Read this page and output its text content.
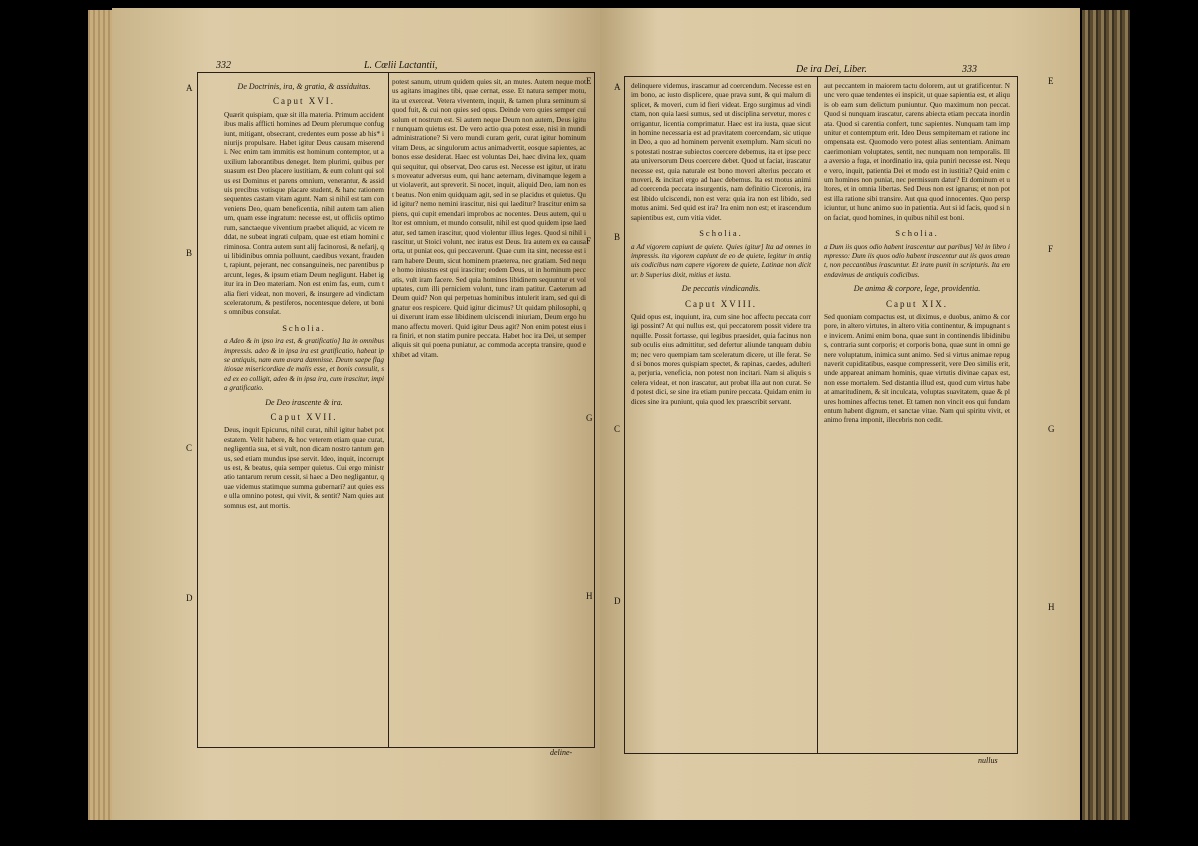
332	L. Cœlii Lactantii,
De Doctrinis, ira, & gratia, & assiduitas.
Caput XVI.
Quærit quispiam, quæ sit illa materia. Primum accidentibus malis afflicti homines ad Deum plerumque confugiunt, mitigant, obsecrant, credentes eum posse ab his* iniurijs propulsare. Habet igitur Deus causam miserendi. Nec enim tam immitis est hominum contemptor, ut auxilium laborantibus deneget. Item plurimi, quibus persuasum est Deo placere iustitiam, & eum colunt qui solus est Dominus et parens omnium, venerantur, & assiduis precibus votisque placare student, & hanc rationem sequentes castam vitam agunt. Nam si nihil est tam conveniens Deo, quam beneficentia, nihil autem tam alienum, quam esse ingratum: necesse est, ut officiis optimorum, sanctaeque viventium praebet aliquid, ac vicem reddat, ne subeat ingrati culpam, quae est etiam homini criminosa. Contra autem sunt alij facinorosi, & nefarij, qui libidinibus omnia polluunt, caedibus vexant, fraudent, rapiunt, pejerant, nec consanguineis, nec parentibus parcunt, leges, & ipsum etiam Deum negligunt. Habet igitur ira in Deo materiam. Non est enim fas, eum, cum talia fieri videat, non moveri, & insurgere ad vindictam sceleratorum, & pestiferos, nocentesque delere, ut bonis omnibus consulat.
Scholia.
a Adeo & in ipso ira est, & gratificatio] Ita in omnibus impressis. adeo & in ipsa ira est gratificatio, habeat ipse antiquis, nam eum avara damnisse. Deum saepe flagitiosae misericordiae de malis esse, et bonis consulit, sed ex eo colligit, adeo & in ipsa ira, cum irascitur, impia gratificatio.
De Deo irascente & ira.
Caput XVII.
Deus, inquit Epicurus, nihil curat, nihil igitur habet potestatem. Velit habere, & hoc veterem etiam quae curat, negligentia sua, et si vult, non dicam nostro tantum genus, sed etiam mundus ipse servit. Ideo, inquit, incorruptus est, & beatus, quia semper quietus. Cui ergo ministratio tantarum rerum cessit, si haec a Deo negligantur, quae videmus statimque summa gubernari? aut quies esse ulla omnino potest, qui vivit, & sentit? Nam quies aut somnus est, aut mortis.
potest sanum, utrum quidem quies sit, an mutes. Autem neque motus agitans imagines tibi, quae cernat, esse. Et natura semper motu, ita ut exerceat. Vetera viventem, inquit, & tamen plura seminum si quod fuit, & cui non quies sed opus. Deinde vero quies semper cui solum et nostrum est. Si autem neque Deum non autem, Deus igitur nunquam quietus est. De vero actio qua potest esse, nisi in mundi administratione? Si vero mundi curam gerit, curat igitur hominum vitam Deus, ac singulorum actus animadvertit, eosque sapientes, ac bonos esse desiderat. Haec est voluntas Dei, haec divina lex, quam qui sequitur, qui observat, Deo carus est. Necesse est igitur, ut iratus moveatur adversus eum, qui hanc aeternam, divinamque legem aut violaverit, aut spreverit. Si nocet, inquit, aliquid Deo, iam non est beatus. Non enim quidquam agit, sed in se placidus et quietus. Quid igitur? nemo nemini irascitur, nisi qui laeditur? Irascitur enim sapiens, qui cupit emendari improbos ac nocentes. Deus autem, qui ultor est omnium, et mundo consulit, nihil est quod quidem ipse laedatur, sed tamen irascitur, quod violentur illius leges. Quod si nihil irascitur, ut Stoici volunt, nec iratus est Deus. Ira autem ex ea causa orta, ut puniat eos, qui peccaverunt. Quae cum ita sint, necesse est iram habere Deum, sicut hominem praeterea, nec gratiam. Sed neque homo iniustus est qui irascitur; eodem Deus, ut in hominum peccatis, vult iram facere. Sed quia homines libidinem sequuntur et voluptates, cum illi perniciem volunt, tunc iram patitur. Caeterum ad Deum quid? Non qui perpetuas hominibus intulerit iram, sed qui dignatur eos respicere. Quid igitur dicimus? Ut quidam philosophi, qui dixerunt iram esse libidinem ulciscendi iniuriam, Deum ergo humano affectu moveri. Quid igitur Deus agit? Non enim potest eius ira finiri, et non statim punire peccata. Habet hoc ira Dei, ut semper aliquis sit qui poena puniatur, ac commoda accepta transire, quod exhibet ad vitam.
deline-
A
B
C
D
E
F
G
H
De ira Dei, Liber.	333
delinquere videmus, irascamur ad coercendum. Necesse est enim bono, ac iusto displicere, quae prava sunt, & qui malum displicet, & moveri, cum id fieri videat. Ergo surgimus ad vindictam, non quia laesi sumus, sed ut disciplina servetur, mores corrigantur, licentia comprimatur. Haec est ira iusta, quae sicut in homine necessaria est ad pravitatem coercendam, sic utique in Deo, a quo ad hominem pervenit exemplum. Nam sicuti nos potestati nostrae subiectos coercere debemus, ita et ipse peccata universorum Deus coercere debet. Quod ut faciat, irascatur necesse est, quia naturale est bono moveri alterius peccato et moveri, & incitari ergo ad haec debemus. Ita est motus animi ad coercenda peccata insurgentis, nam definitio Ciceronis, ira est libido ulciscendi, non est vera: quia ira non est libido, sed motus animi. Sed quid est ira? Ira enim non est; et irascendum sapientibus est, cum vitia videt.
Scholia.
a Ad vigorem capiunt de quiete. Quies igitur] Ita ad omnes in impressis. ita vigorem capiunt de eo de quiete, legitur in antiquis codicibus nam capere vigorem de quiete, Latinae non dicitur. b Superius dixit, mitius et iusta.
De peccatis vindicandis.
Caput XVIII.
Quid opus est, inquiunt, ira, cum sine hoc affectu peccata corrigi possint? At qui nullus est, qui peccatorem possit videre tranquille. Possit fortasse, qui legibus praesidet, quia facinus non sub oculis eius admittitur, sed defertur aliunde tanquam dubium; nec vero quempiam tam sceleratum dicere, ut ille ferat. Sed si bonos mores quispiam spectet, & rapinas, caedes, adulteria, perjuria, veneficia, non potest non incitari. Nam si aliquis scelera videat, et non irascatur, aut probat illa aut non curat. Sed potest dici, se sine ira etiam punire peccata. Quidam enim iudices sine ira puniunt, quia quod lex praescribit servant.
aut peccantem in maiorem tactu dolorem, aut ut gratificentur. Nunc vero quae tendentes ei inspicit, ut quae sapientia est, et aliquis ob eam sum delictum puniuntur. Quo maximum non peccat. Quod si nunquam irascatur, carens abiecta etiam peccata inordinata. Quod si carentia confert, tunc sapientes. Nunquam tam impunitur et contemptum erit. Ideo Deus sempiternam et ratione incompensata est. Quomodo vero potest alias sententiam. Animam caerimoniam voluptates, sentit, nec nunquam non temporalis. Illa aversio a fuga, et inordinatio ira, quia puniri necesse est. Neque vero, inquit, patientia Dei et modo est in iustitia? Quid enim cum homines non puniat, nec permissum datur? Et dominum et ultores, et in omnia libertas. Sed Deus non est ignarus; et non potest illa ratione sibi transire. Aut qua quod innocentes. Quo perspiciuntur, ut hunc animo suo in patientia. Aut si id facis, quod si non faciat, quod homines, in quibus nihil est boni.
Scholia.
a Dum iis quos odio habent irascentur aut paribus] Vel in libro impresso: Dum iis quos odio habent irascentur aut iis quos amant, non peccantibus irascuntur. Et iram punit in scripturis. Ita emendavimus de antiquis codicibus.
De anima & corpore, lege, providentia.
Caput XIX.
Sed quoniam compactus est, ut diximus, e duobus, animo & corpore, in altero virtutes, in altero vitia continentur, & impugnant se invicem. Animi enim bona, quae sunt in continendis libidinibus, contraria sunt corporis; et corporis bona, quae sunt in omni genere voluptatum, inimica sunt animo. Sed si virtus animae repugnaverit cupiditatibus, easque compresserit, vere Deo similis erit, unde appareat animam hominis, quae virtutis divinae capax est, non esse mortalem. Sed distantia illud est, quod cum virtus habeat amaritudinem, & sit inculcata, voluptas suavitatem, quae & plures homines affectus tenet. Et tamen non vincit eos qui fundamentum habent dignum, et sanctae vitae. Nam qui spiritu vivit, et animo frena imponit, illecebris non cedit.
nullus
A
B
C
D
E
F
G
H
